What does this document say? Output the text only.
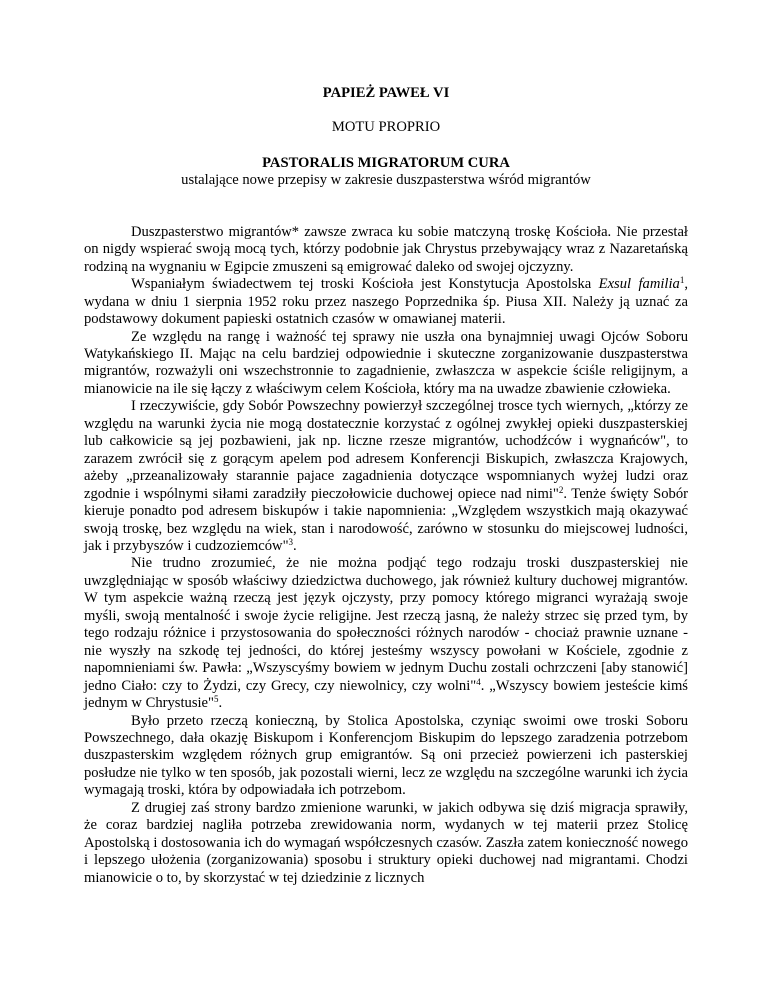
PAPIEŻ PAWEŁ VI
MOTU PROPRIO
PASTORALIS MIGRATORUM CURA
ustalające nowe przepisy w zakresie duszpasterstwa wśród migrantów

Duszpasterstwo migrantów* zawsze zwraca ku sobie matczyną troskę Kościoła. Nie przestał on nigdy wspierać swoją mocą tych, którzy podobnie jak Chrystus przebywający wraz z Nazaretańską rodziną na wygnaniu w Egipcie zmuszeni są emigrować daleko od swojej ojczyzny.

Wspaniałym świadectwem tej troski Kościoła jest Konstytucja Apostolska Exsul familia$^1$, wydana w dniu 1 sierpnia 1952 roku przez naszego Poprzednika śp. Piusa XII. Należy ją uznać za podstawowy dokument papieski ostatnich czasów w omawianej materii.

Ze względu na rangę i ważność tej sprawy nie uszła ona bynajmniej uwagi Ojców Soboru Watykańskiego II. Mając na celu bardziej odpowiednie i skuteczne zorganizowanie duszpasterstwa migrantów, rozważyli oni wszechstronnie to zagadnienie, zwłaszcza w aspekcie ściśle religijnym, a mianowicie na ile się łączy z właściwym celem Kościoła, który ma na uwadze zbawienie człowieka.

I rzeczywiście, gdy Sobór Powszechny powierzył szczególnej trosce tych wiernych, „którzy ze względu na warunki życia nie mogą dostatecznie korzystać z ogólnej zwykłej opieki duszpasterskiej lub całkowicie są jej pozbawieni, jak np. liczne rzesze migrantów, uchodźców i wygnańców", to zarazem zwrócił się z gorącym apelem pod adresem Konferencji Biskupich, zwłaszcza Krajowych, ażeby „przeanalizowały starannie pajace zagadnienia dotyczące wspomnianych wyżej ludzi oraz zgodnie i wspólnymi siłami zaradziły pieczołowicie duchowej opiece nad nimi"$^2$. Tenże święty Sobór kieruje ponadto pod adresem biskupów i takie napomnienia: „Względem wszystkich mają okazywać swoją troskę, bez względu na wiek, stan i narodowość, zarówno w stosunku do miejscowej ludności, jak i przybyszów i cudzoziemców"$^3$.

Nie trudno zrozumieć, że nie można podjąć tego rodzaju troski duszpasterskiej nie uwzględniając w sposób właściwy dziedzictwa duchowego, jak również kultury duchowej migrantów. W tym aspekcie ważną rzeczą jest język ojczysty, przy pomocy którego migranci wyrażają swoje myśli, swoją mentalność i swoje życie religijne. Jest rzeczą jasną, że należy strzec się przed tym, by tego rodzaju różnice i przystosowania do społeczności różnych narodów - chociaż prawnie uznane - nie wyszły na szkodę tej jedności, do której jesteśmy wszyscy powołani w Kościele, zgodnie z napomnieniami św. Pawła: „Wszyscyśmy bowiem w jednym Duchu zostali ochrzczeni [aby stanowić] jedno Ciało: czy to Żydzi, czy Grecy, czy niewolnicy, czy wolni"$^4$. „Wszyscy bowiem jesteście kimś jednym w Chrystusie"$^5$.

Było przeto rzeczą konieczną, by Stolica Apostolska, czyniąc swoimi owe troski Soboru Powszechnego, dała okazję Biskupom i Konferencjom Biskupim do lepszego zaradzenia potrzebom duszpasterskim względem różnych grup emigrantów. Są oni przecież powierzeni ich pasterskiej posłudze nie tylko w ten sposób, jak pozostali wierni, lecz ze względu na szczególne warunki ich życia wymagają troski, która by odpowiadała ich potrzebom.

Z drugiej zaś strony bardzo zmienione warunki, w jakich odbywa się dziś migracja sprawiły, że coraz bardziej nagliła potrzeba zrewidowania norm, wydanych w tej materii przez Stolicę Apostolską i dostosowania ich do wymagań współczesnych czasów. Zaszła zatem konieczność nowego i lepszego ułożenia (zorganizowania) sposobu i struktury opieki duchowej nad migrantami. Chodzi mianowicie o to, by skorzystać w tej dziedzinie z licznych
